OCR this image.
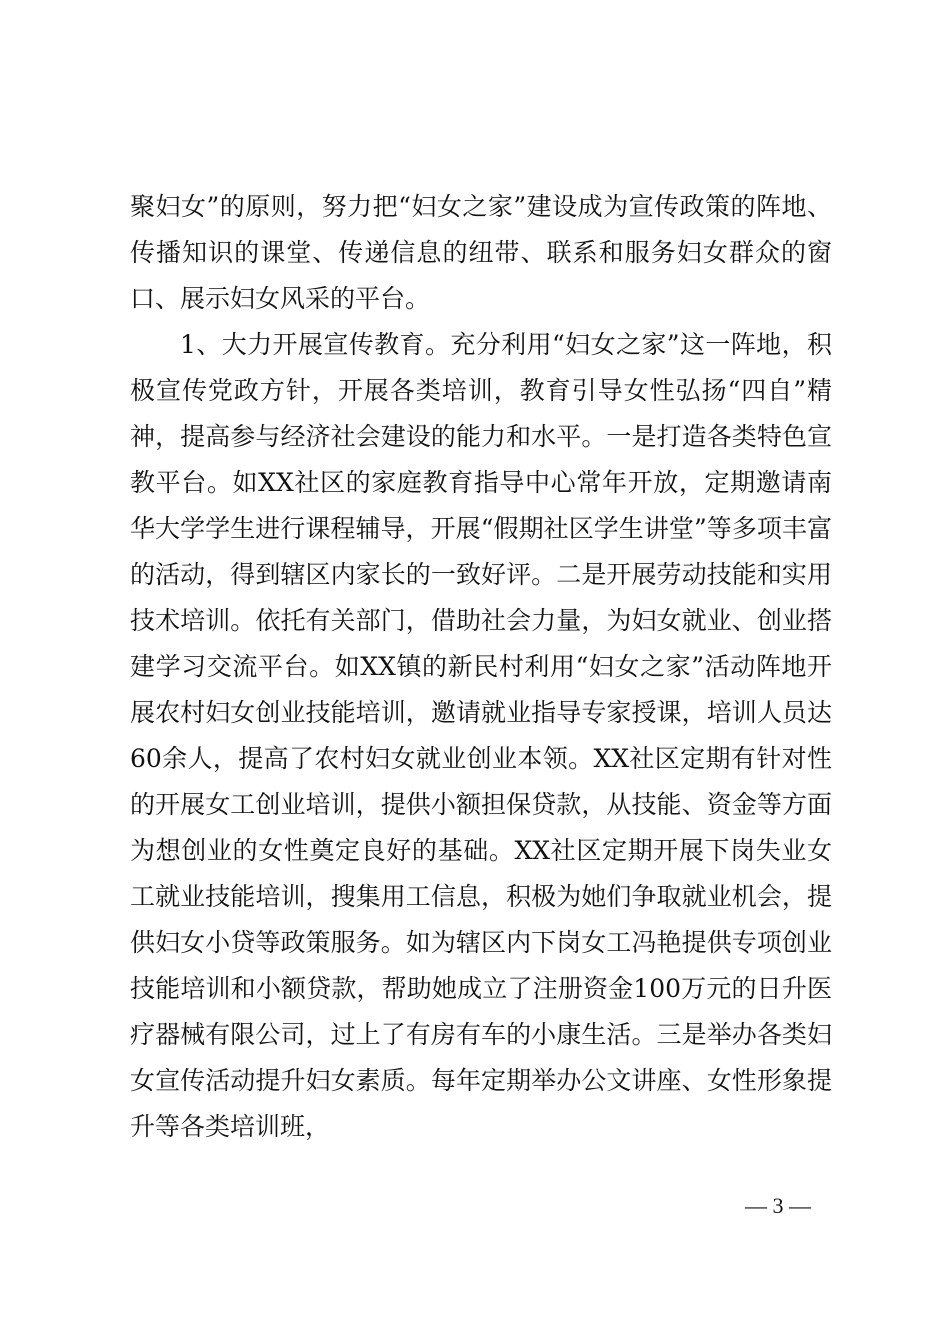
聚妇女”的原则，努力把“妇女之家”建设成为宣传政策的阵地、传播知识的课堂、传递信息的纽带、联系和服务妇女群众的窗口、展示妇女风采的平台。

1、大力开展宣传教育。充分利用“妇女之家”这一阵地，积极宣传党政方针，开展各类培训，教育引导女性弘扬“四自”精神，提高参与经济社会建设的能力和水平。一是打造各类特色宣教平台。如XX社区的家庭教育指导中心常年开放，定期邀请南华大学学生进行课程辅导，开展“假期社区学生讲堂”等多项丰富的活动，得到辖区内家长的一致好评。二是开展劳动技能和实用技术培训。依托有关部门，借助社会力量，为妇女就业、创业搭建学习交流平台。如XX镇的新民村利用“妇女之家”活动阵地开展农村妇女创业技能培训，邀请就业指导专家授课，培训人员达60余人，提高了农村妇女就业创业本领。XX社区定期有针对性的开展女工创业培训，提供小额担保贷款，从技能、资金等方面为想创业的女性奠定良好的基础。XX社区定期开展下岗失业女工就业技能培训，搜集用工信息，积极为她们争取就业机会，提供妇女小贷等政策服务。如为辖区内下岗女工冯艳提供专项创业技能培训和小额贷款，帮助她成立了注册资金100万元的日升医疗器械有限公司，过上了有房有车的小康生活。三是举办各类妇女宣传活动提升妇女素质。每年定期举办公文讲座、女性形象提升等各类培训班，

— 3 —
